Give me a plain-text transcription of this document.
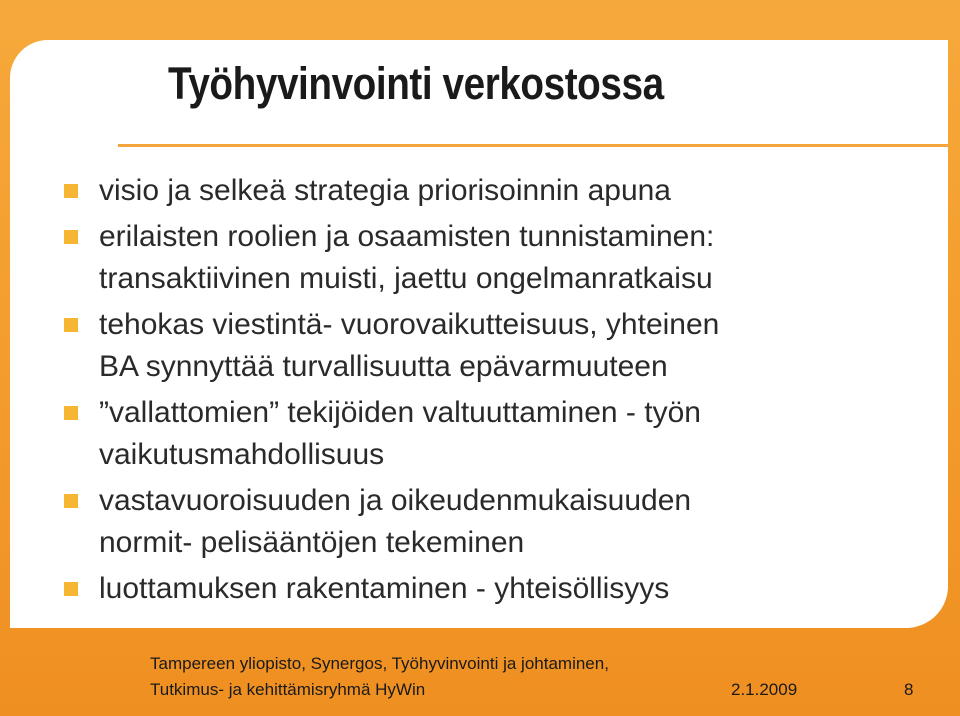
Työhyvinvointi verkostossa
visio ja selkeä strategia priorisoinnin apuna
erilaisten roolien ja osaamisten tunnistaminen:
transaktiivinen muisti, jaettu ongelmanratkaisu
tehokas viestintä- vuorovaikutteisuus, yhteinen
BA synnyttää turvallisuutta epävarmuuteen
”vallattomien” tekijöiden valtuuttaminen - työn
vaikutusmahdollisuus
vastavuoroisuuden ja oikeudenmukaisuuden
normit- pelisääntöjen tekeminen
luottamuksen rakentaminen - yhteisöllisyys
Tampereen yliopisto, Synergos, Työhyvinvointi ja johtaminen,
Tutkimus- ja kehittämisryhmä HyWin	2.1.2009	8
